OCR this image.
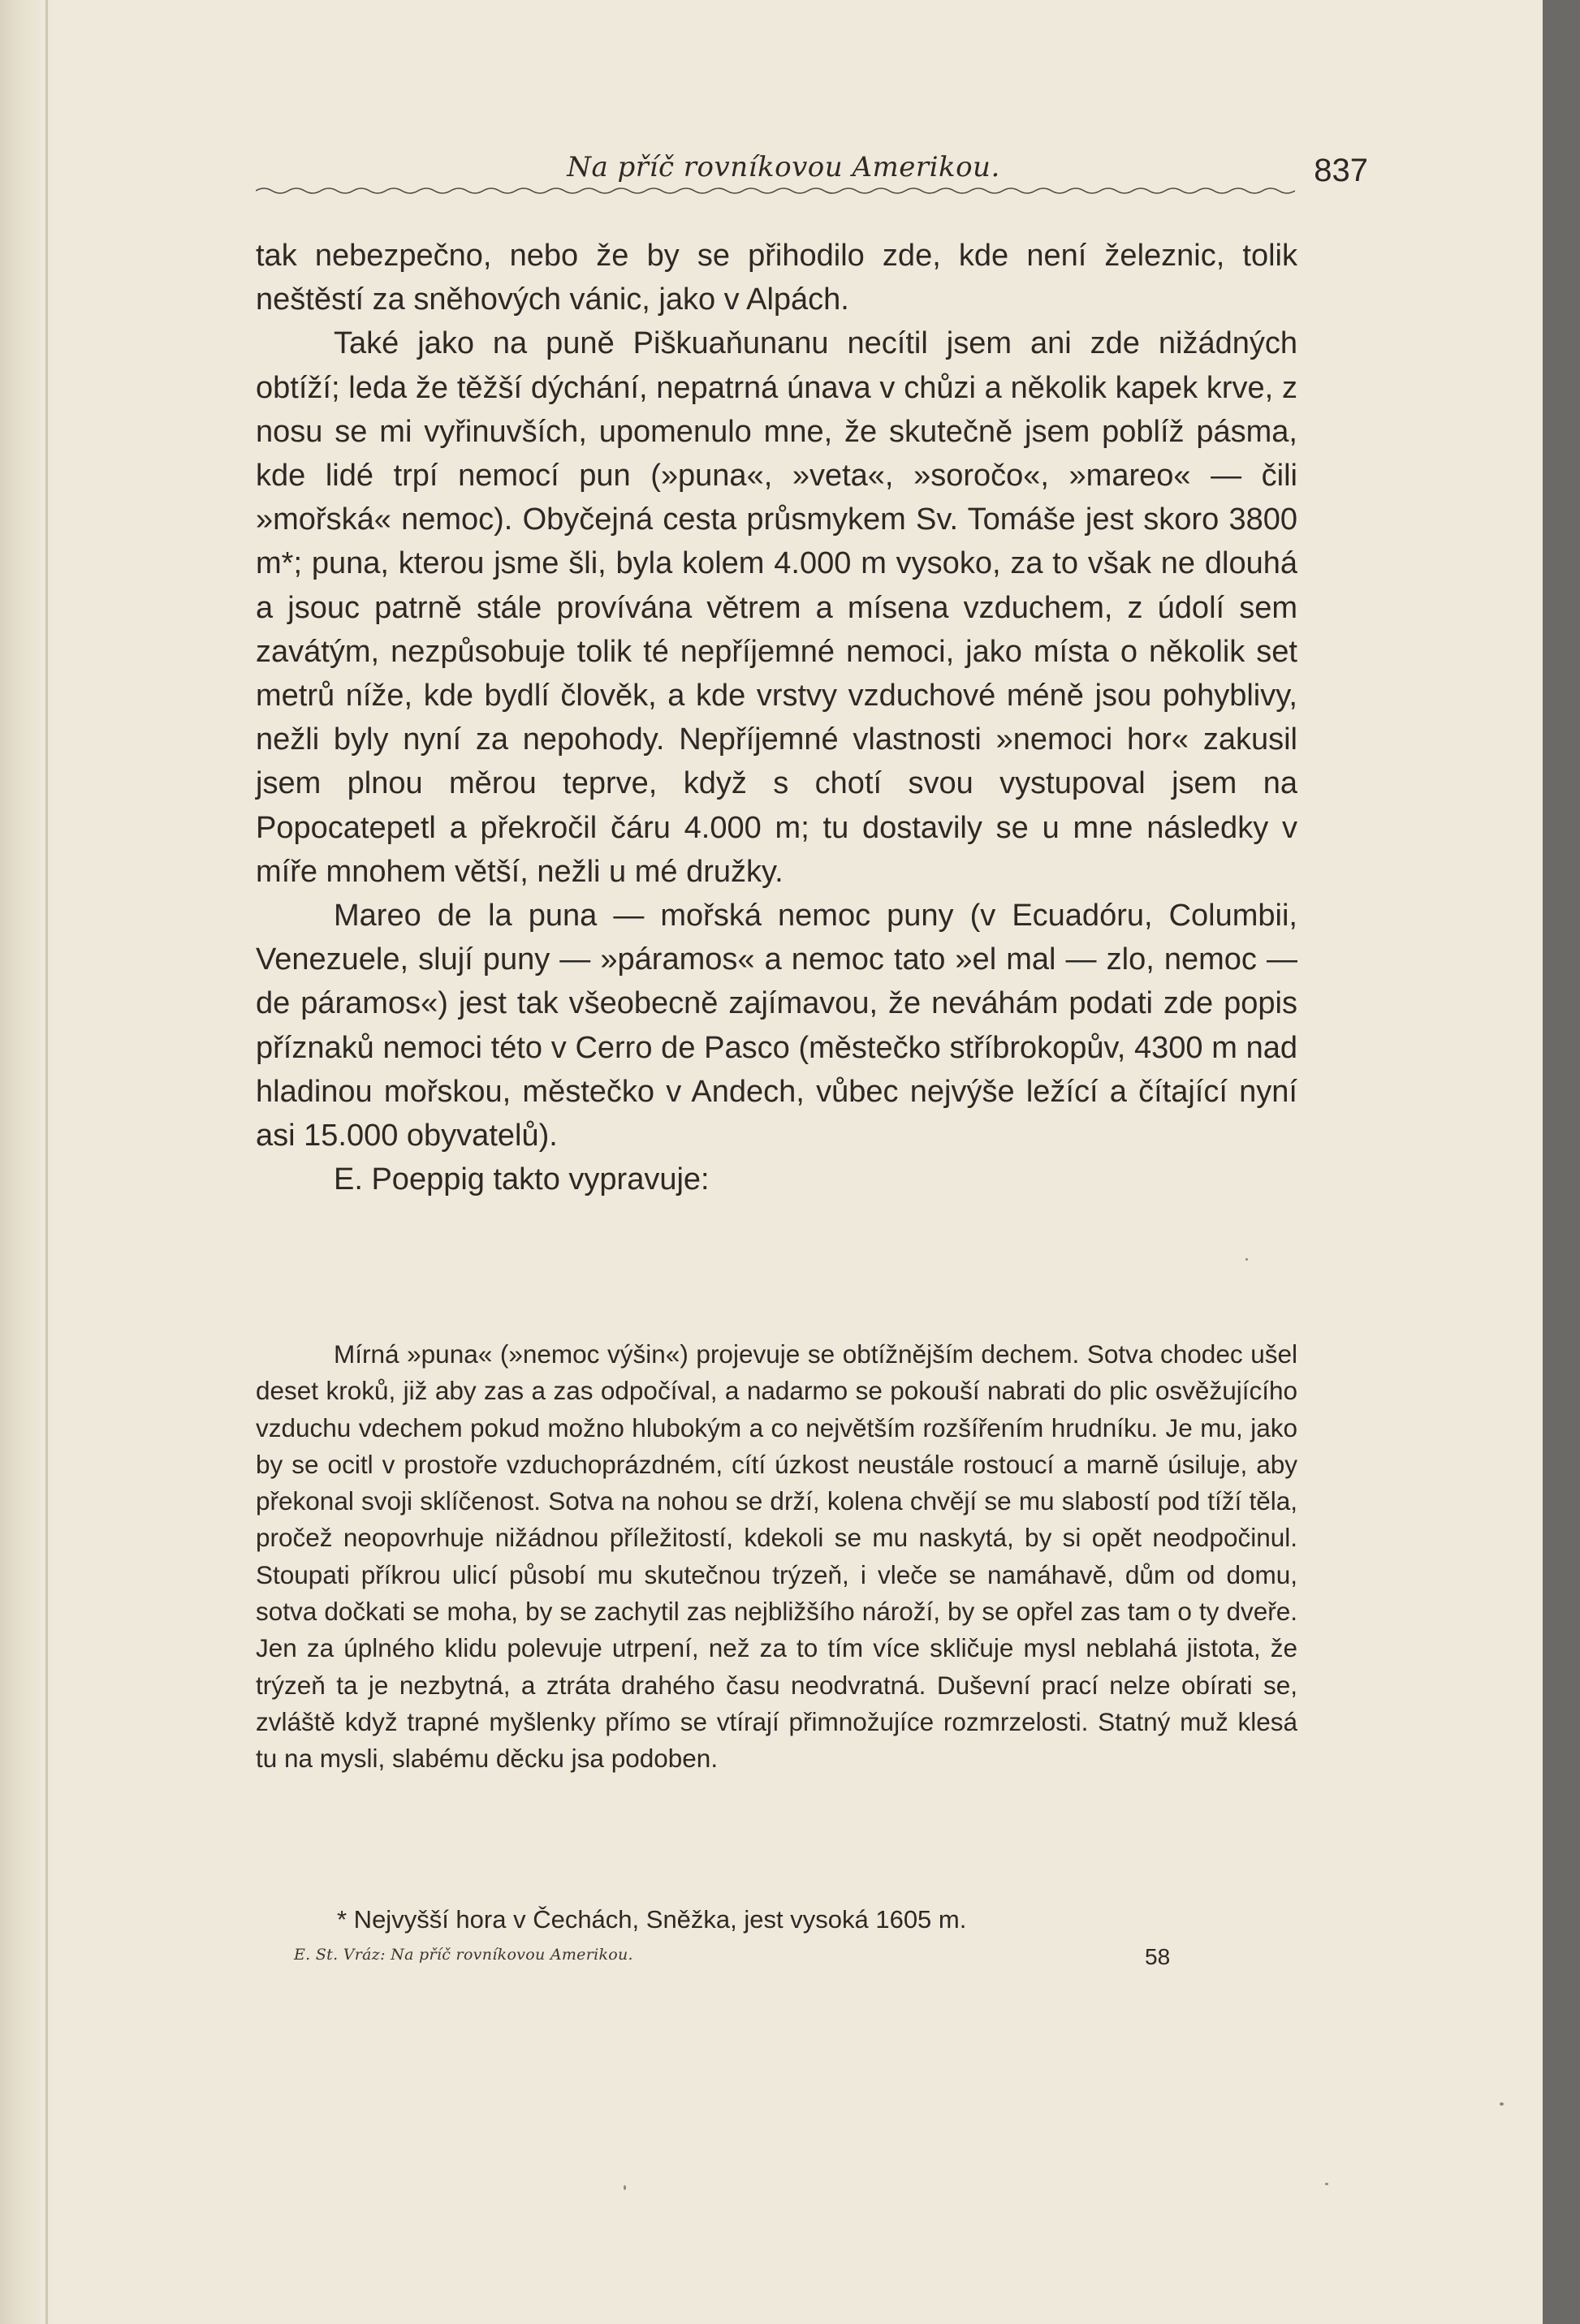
Na příč rovníkovou Amerikou.	837

tak nebezpečno, nebo že by se přihodilo zde, kde není železnic, tolik neštěstí za sněhových vánic, jako v Alpách.

Také jako na puně Piškuaňunanu necítil jsem ani zde nižádných obtíží; leda že těžší dýchání, nepatrná únava v chůzi a několik kapek krve, z nosu se mi vyřinuvších, upomenulo mne, že skutečně jsem poblíž pásma, kde lidé trpí nemocí pun (»puna«, »veta«, »soročo«, »mareo« — čili »mořská« nemoc). Obyčejná cesta průsmykem Sv. Tomáše jest skoro 3800 m*; puna, kterou jsme šli, byla kolem 4.000 m vysoko, za to však ne dlouhá a jsouc patrně stále provívána větrem a mísena vzduchem, z údolí sem zavátým, nezpůsobuje tolik té nepříjemné nemoci, jako místa o několik set metrů níže, kde bydlí člověk, a kde vrstvy vzduchové méně jsou pohyblivy, nežli byly nyní za nepohody. Nepříjemné vlastnosti »nemoci hor« zakusil jsem plnou měrou teprve, když s chotí svou vystupoval jsem na Popocatepetl a překročil čáru 4.000 m; tu dostavily se u mne následky v míře mnohem větší, nežli u mé družky.

Mareo de la puna — mořská nemoc puny (v Ecuadóru, Columbii, Venezuele, slují puny — »páramos« a nemoc tato »el mal — zlo, nemoc — de páramos«) jest tak všeobecně zajímavou, že neváhám podati zde popis příznaků nemoci této v Cerro de Pasco (městečko stříbrokopův, 4300 m nad hladinou mořskou, městečko v Andech, vůbec nejvýše ležící a čítající nyní asi 15.000 obyvatelů).

E. Poeppig takto vypravuje:

Mírná »puna« (»nemoc výšin«) projevuje se obtížnějším dechem. Sotva chodec ušel deset kroků, již aby zas a zas odpočíval, a nadarmo se pokouší nabrati do plic osvěžujícího vzduchu vdechem pokud možno hlubokým a co největším rozšířením hrudníku. Je mu, jako by se ocitl v prostoře vzduchoprázdném, cítí úzkost neustále rostoucí a marně úsiluje, aby překonal svoji sklíčenost. Sotva na nohou se drží, kolena chvějí se mu slabostí pod tíží těla, pročež neopovrhuje nižádnou příležitostí, kdekoli se mu naskytá, by si opět neodpočinul. Stoupati příkrou ulicí působí mu skutečnou trýzeň, i vleče se namáhavě, dům od domu, sotva dočkati se moha, by se zachytil zas nejbližšího nároží, by se opřel zas tam o ty dveře. Jen za úplného klidu polevuje utrpení, než za to tím více skličuje mysl neblahá jistota, že trýzeň ta je nezbytná, a ztráta drahého času neodvratná. Duševní prací nelze obírati se, zvláště když trapné myšlenky přímo se vtírají přimnožujíce rozmrzelosti. Statný muž klesá tu na mysli, slabému děcku jsa podoben.

* Nejvyšší hora v Čechách, Sněžka, jest vysoká 1605 m.
E. St. Vráz: Na příč rovníkovou Amerikou.	58
